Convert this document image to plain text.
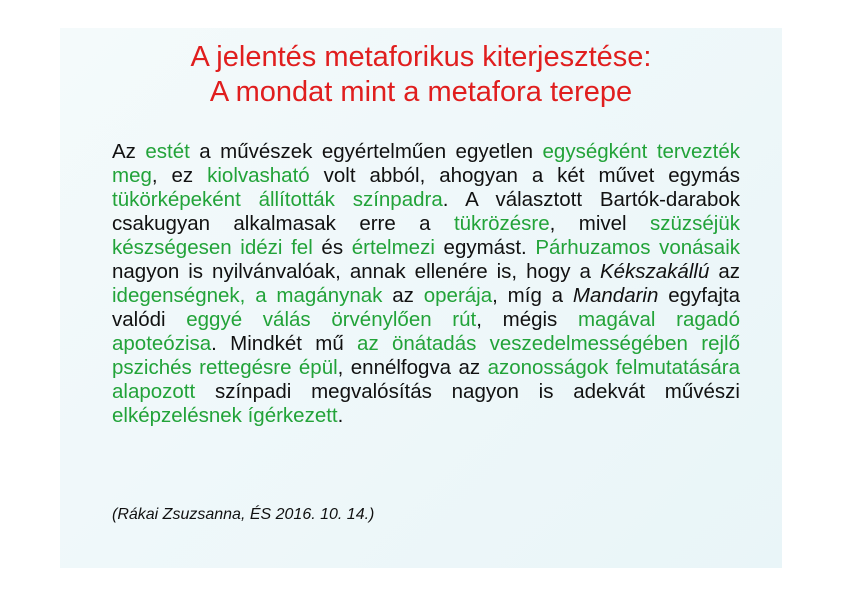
A jelentés metaforikus kiterjesztése:
A mondat mint a metafora terepe

Az estét a művészek egyértelműen egyetlen egységként tervezték meg, ez kiolvasható volt abból, ahogyan a két művet egymás tükörképeként állították színpadra. A választott Bartók-darabok csakugyan alkalmasak erre a tükrözésre, mivel szüzséjük készségesen idézi fel és értelmezi egymást. Párhuzamos vonásaik nagyon is nyilvánvalóak, annak ellenére is, hogy a Kékszakállú az idegenségnek, a magánynak az operája, míg a Mandarin egyfajta valódi eggyé válás örvénylően rút, mégis magával ragadó apoteózisa. Mindkét mű az önátadás veszedelmességében rejlő pszichés rettegésre épül, ennélfogva az azonosságok felmutatására alapozott színpadi megvalósítás nagyon is adekvát művészi elképzelésnek ígérkezett.

(Rákai Zsuzsanna, ÉS 2016. 10. 14.)
